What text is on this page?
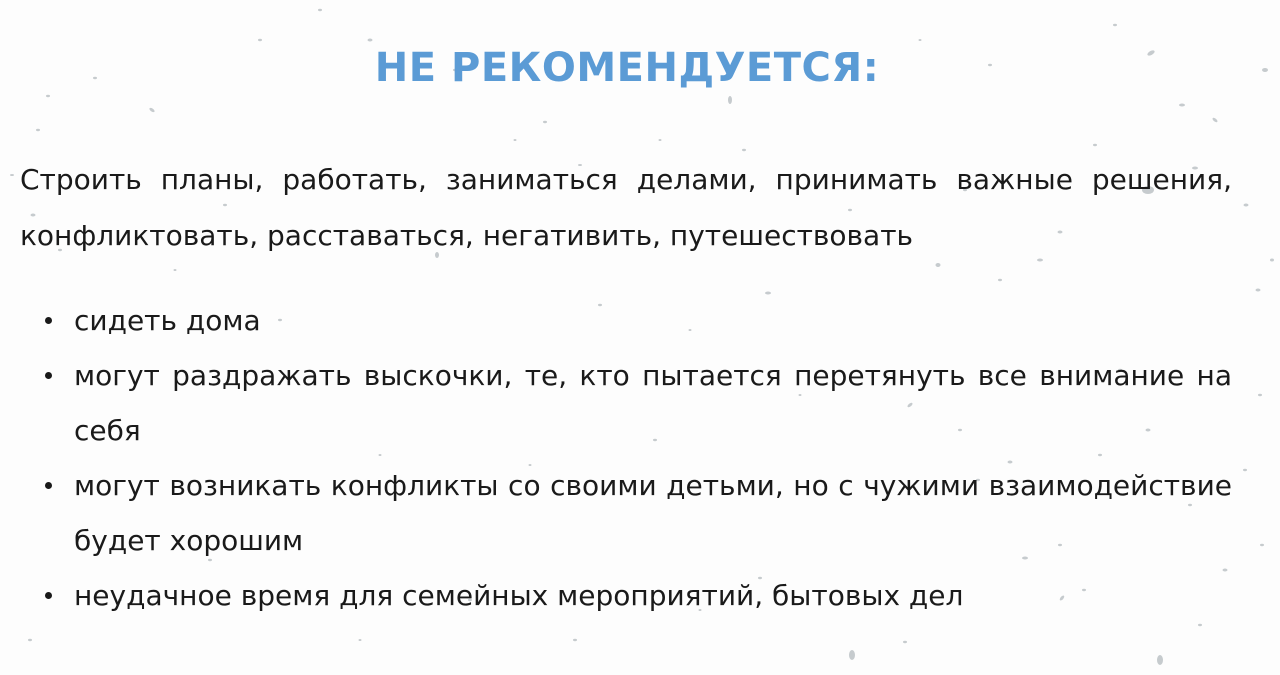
НЕ РЕКОМЕНДУЕТСЯ:

Строить планы, работать, заниматься делами, принимать важные решения, конфликтовать, расставаться, негативить, путешествовать

сидеть дома
могут раздражать выскочки, те, кто пытается перетянуть все внимание на себя
могут возникать конфликты со своими детьми, но с чужими взаимодействие будет хорошим
неудачное время для семейных мероприятий, бытовых дел
